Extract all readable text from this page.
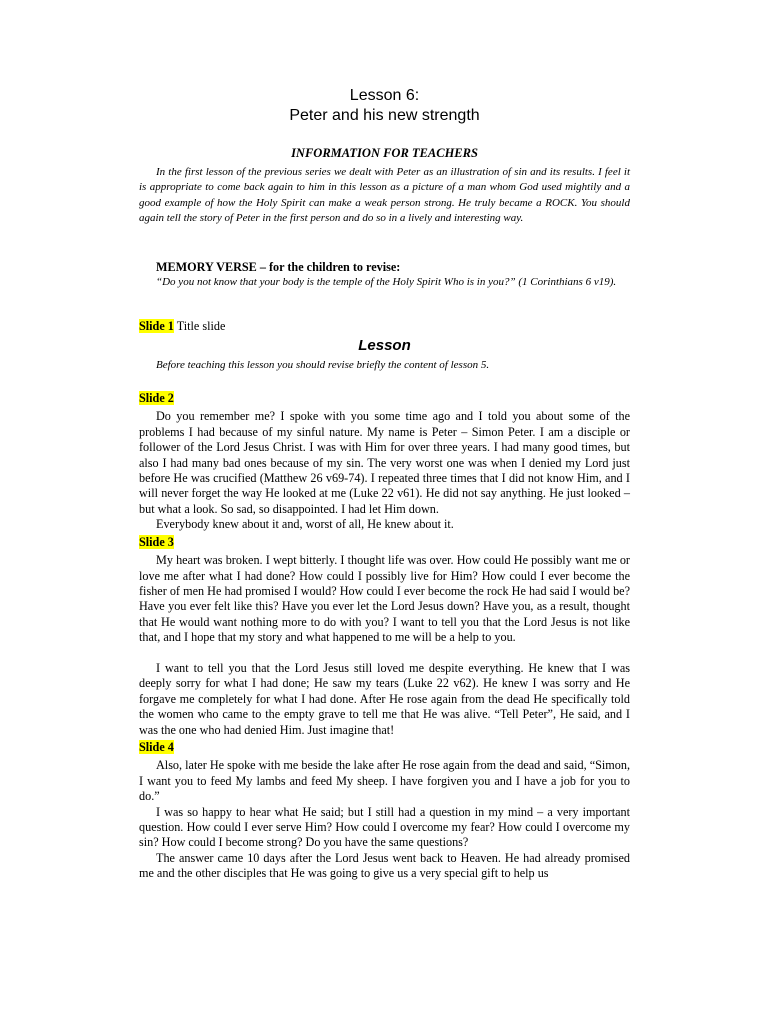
Lesson 6:

Peter and his new strength

INFORMATION FOR TEACHERS

In the first lesson of the previous series we dealt with Peter as an illustration of sin and its results. I feel it is appropriate to come back again to him in this lesson as a picture of a man whom God used mightily and a good example of how the Holy Spirit can make a weak person strong. He truly became a ROCK. You should again tell the story of Peter in the first person and do so in a lively and interesting way.

MEMORY VERSE – for the children to revise:

“Do you not know that your body is the temple of the Holy Spirit Who is in you?” (1 Corinthians 6 v19).

Slide 1 Title slide

Lesson

Before teaching this lesson you should revise briefly the content of lesson 5.

Slide 2

Do you remember me? I spoke with you some time ago and I told you about some of the problems I had because of my sinful nature. My name is Peter – Simon Peter. I am a disciple or follower of the Lord Jesus Christ. I was with Him for over three years. I had many good times, but also I had many bad ones because of my sin. The very worst one was when I denied my Lord just before He was crucified (Matthew 26 v69-74). I repeated three times that I did not know Him, and I will never forget the way He looked at me (Luke 22 v61). He did not say anything. He just looked – but what a look. So sad, so disappointed. I had let Him down.

Everybody knew about it and, worst of all, He knew about it.

Slide 3

My heart was broken. I wept bitterly. I thought life was over. How could He possibly want me or love me after what I had done? How could I possibly live for Him? How could I ever become the fisher of men He had promised I would? How could I ever become the rock He had said I would be? Have you ever felt like this? Have you ever let the Lord Jesus down? Have you, as a result, thought that He would want nothing more to do with you? I want to tell you that the Lord Jesus is not like that, and I hope that my story and what happened to me will be a help to you.

I want to tell you that the Lord Jesus still loved me despite everything. He knew that I was deeply sorry for what I had done; He saw my tears (Luke 22 v62). He knew I was sorry and He forgave me completely for what I had done. After He rose again from the dead He specifically told the women who came to the empty grave to tell me that He was alive. “Tell Peter”, He said, and I was the one who had denied Him. Just imagine that!

Slide 4

Also, later He spoke with me beside the lake after He rose again from the dead and said, “Simon, I want you to feed My lambs and feed My sheep. I have forgiven you and I have a job for you to do.”

I was so happy to hear what He said; but I still had a question in my mind – a very important question. How could I ever serve Him? How could I overcome my fear? How could I overcome my sin? How could I become strong? Do you have the same questions?

The answer came 10 days after the Lord Jesus went back to Heaven. He had already promised me and the other disciples that He was going to give us a very special gift to help us
